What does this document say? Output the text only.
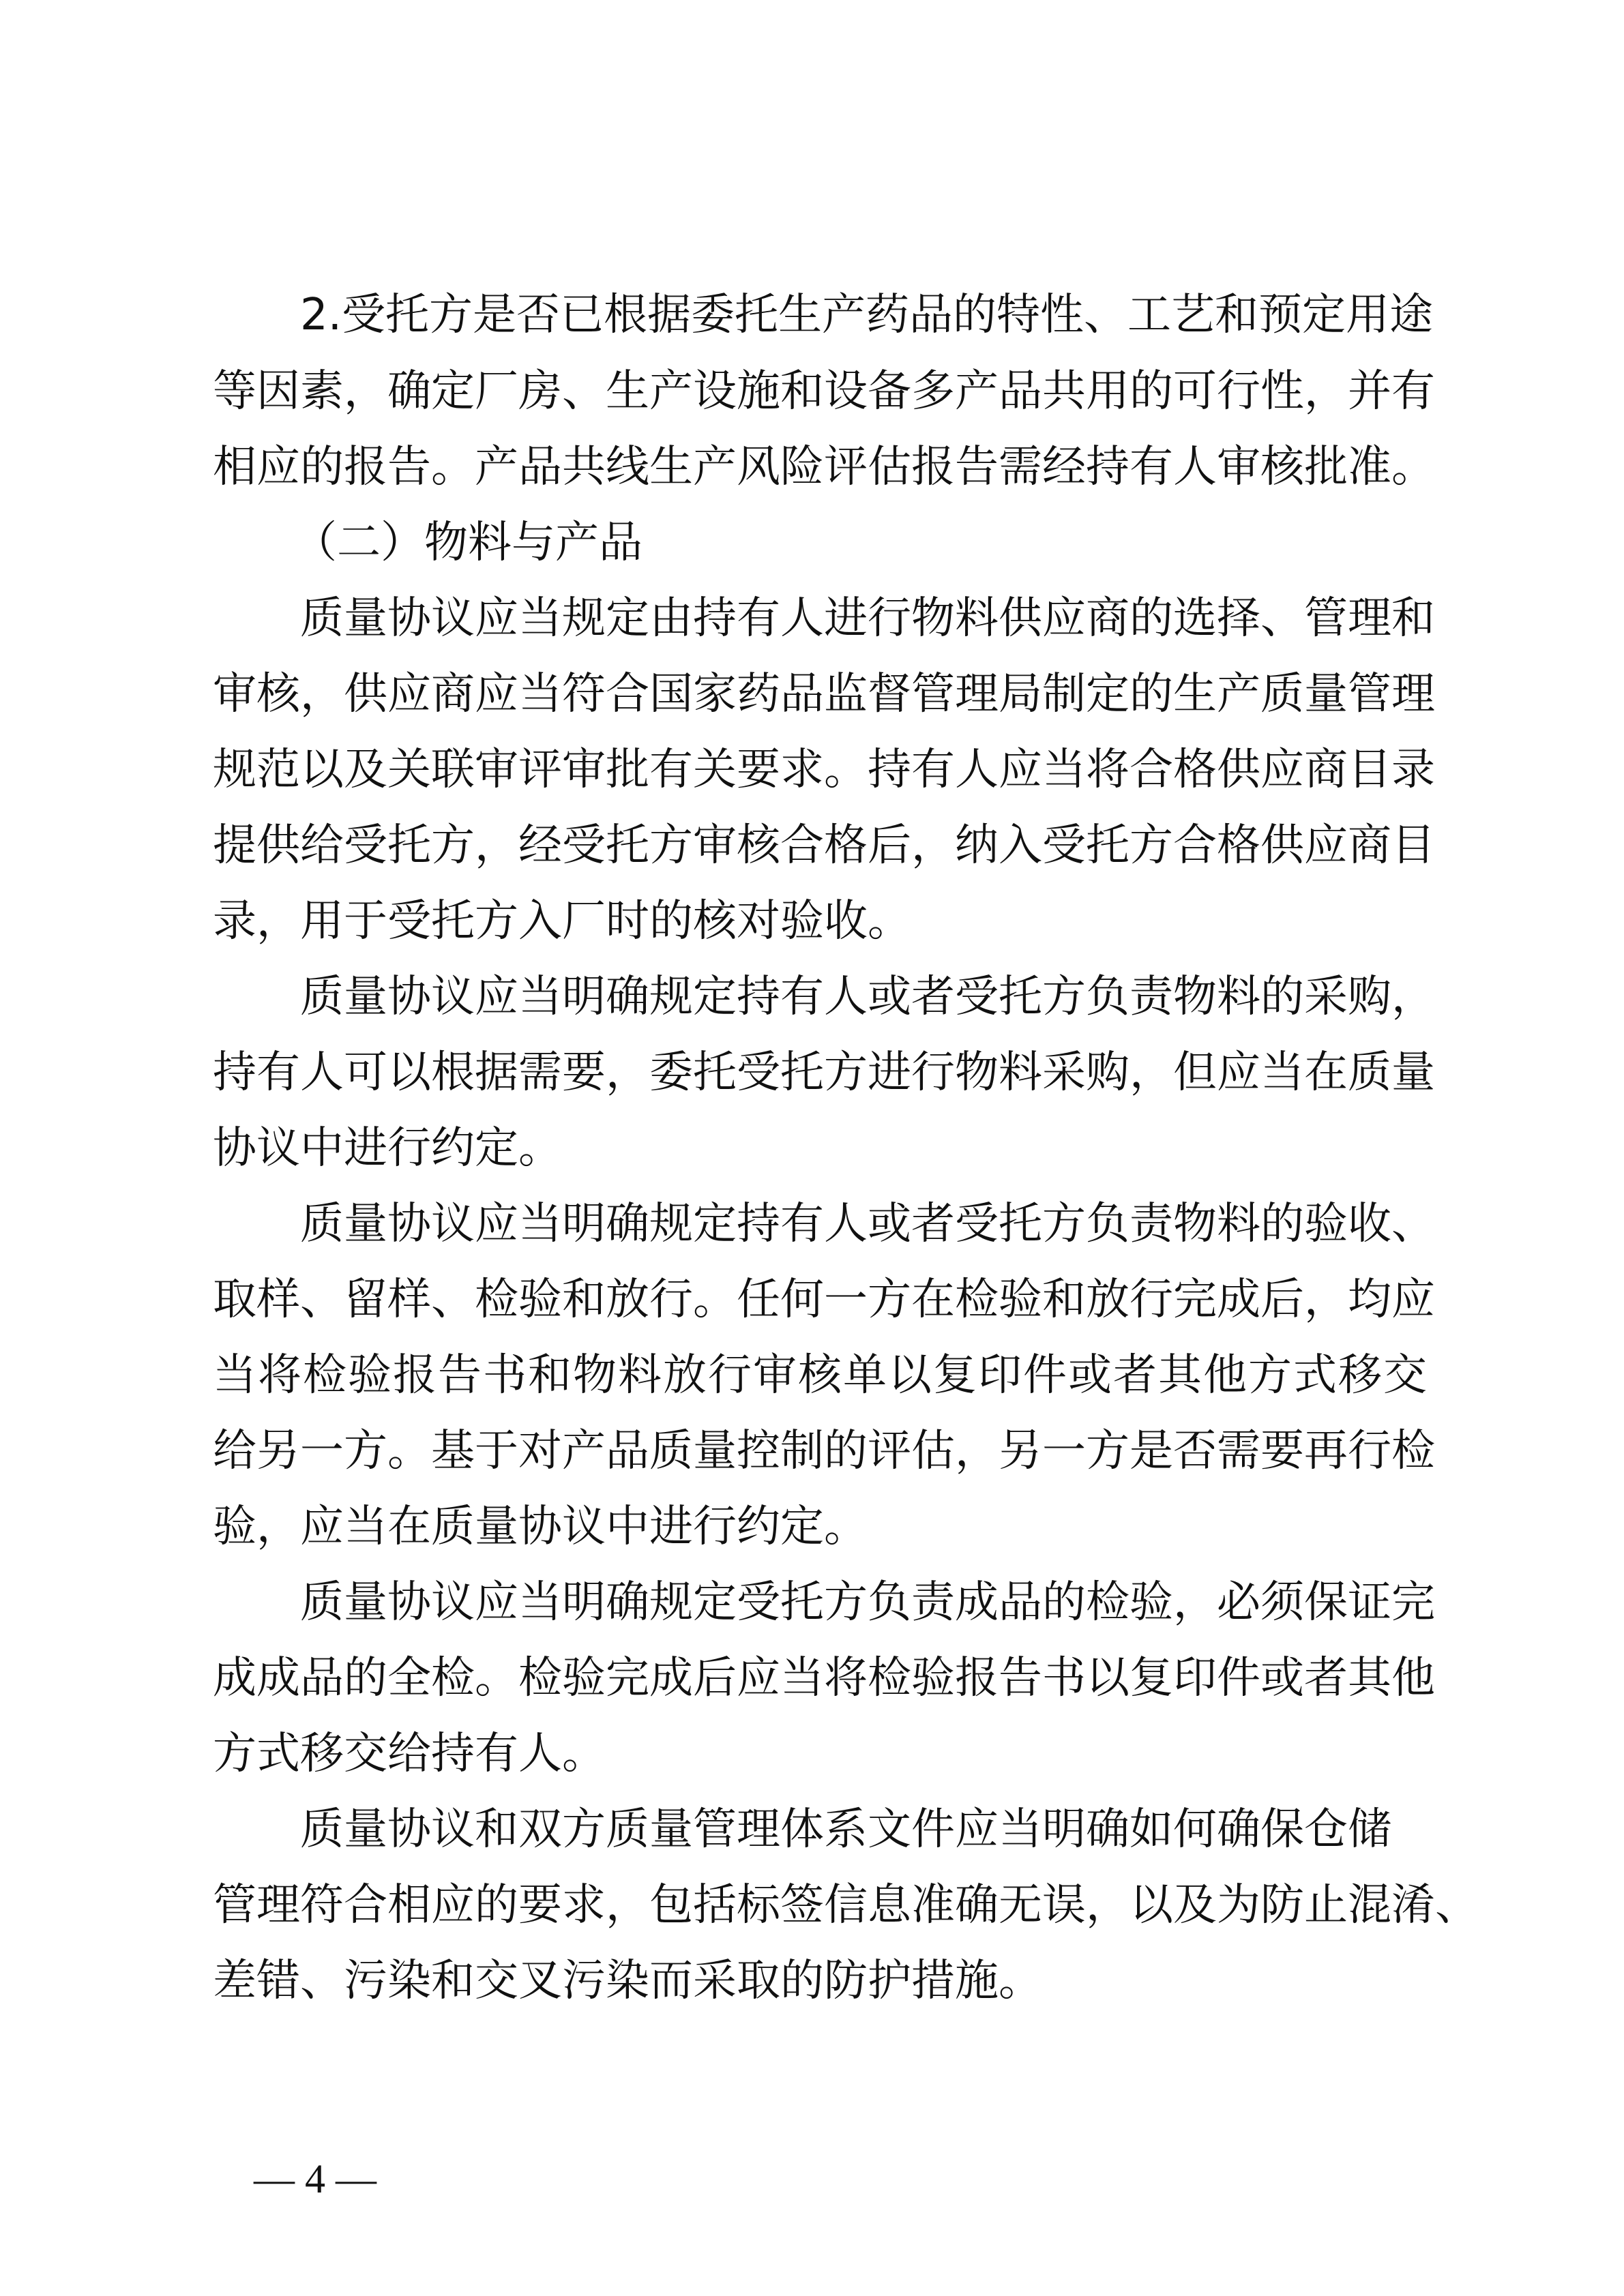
2.受托方是否已根据委托生产药品的特性、工艺和预定用途
等因素，确定厂房、生产设施和设备多产品共用的可行性，并有
相应的报告。产品共线生产风险评估报告需经持有人审核批准。
（二）物料与产品
质量协议应当规定由持有人进行物料供应商的选择、管理和
审核，供应商应当符合国家药品监督管理局制定的生产质量管理
规范以及关联审评审批有关要求。持有人应当将合格供应商目录
提供给受托方，经受托方审核合格后，纳入受托方合格供应商目
录，用于受托方入厂时的核对验收。
质量协议应当明确规定持有人或者受托方负责物料的采购，
持有人可以根据需要，委托受托方进行物料采购，但应当在质量
协议中进行约定。
质量协议应当明确规定持有人或者受托方负责物料的验收、
取样、留样、检验和放行。任何一方在检验和放行完成后，均应
当将检验报告书和物料放行审核单以复印件或者其他方式移交
给另一方。基于对产品质量控制的评估，另一方是否需要再行检
验，应当在质量协议中进行约定。
质量协议应当明确规定受托方负责成品的检验，必须保证完
成成品的全检。检验完成后应当将检验报告书以复印件或者其他
方式移交给持有人。
质量协议和双方质量管理体系文件应当明确如何确保仓储
管理符合相应的要求，包括标签信息准确无误，以及为防止混淆、
差错、污染和交叉污染而采取的防护措施。
— 4 —
